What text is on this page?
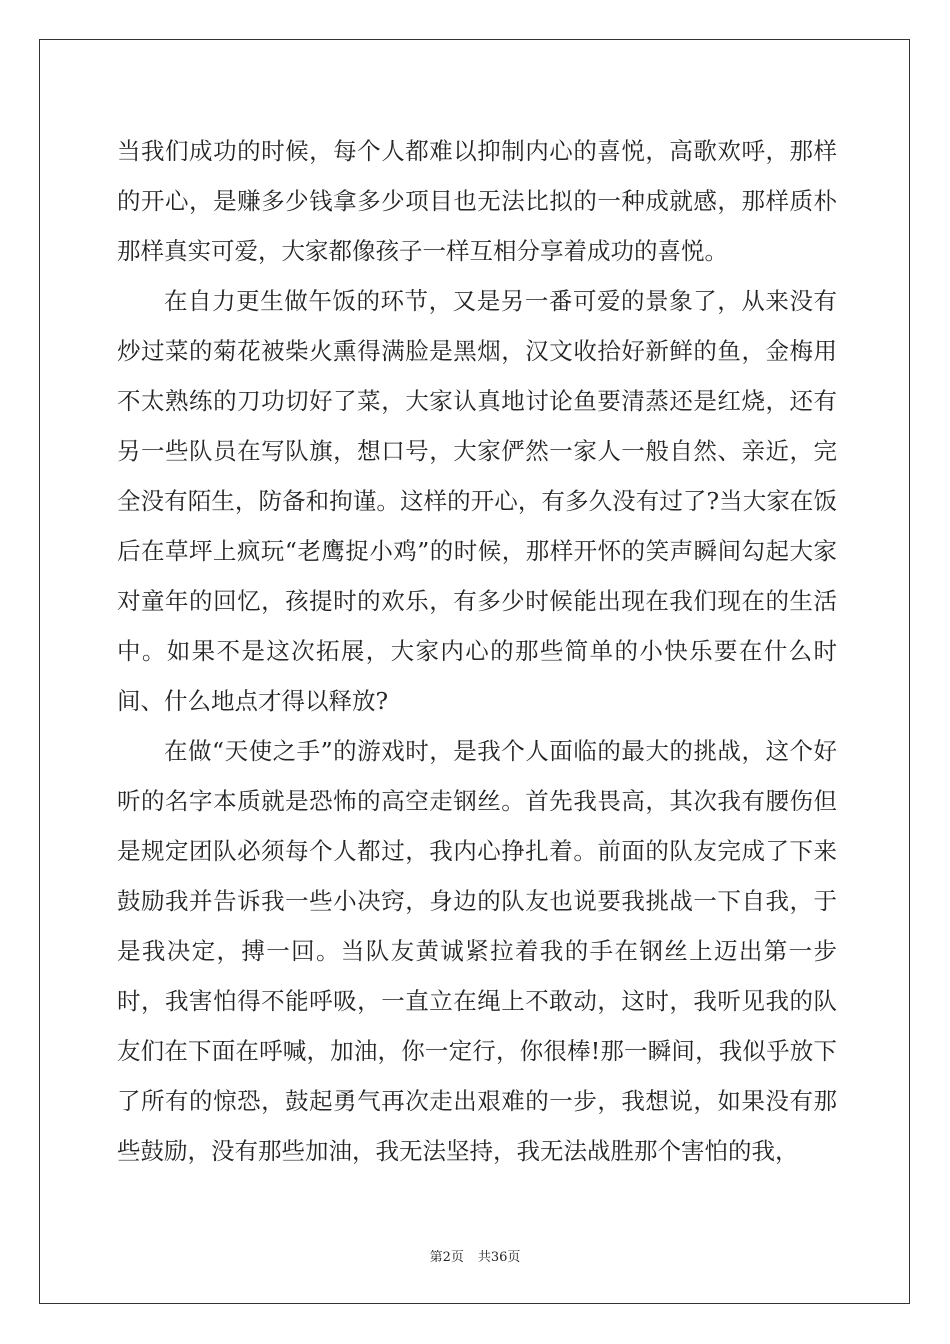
当我们成功的时候，每个人都难以抑制内心的喜悦，高歌欢呼，那样的开心，是赚多少钱拿多少项目也无法比拟的一种成就感，那样质朴那样真实可爱，大家都像孩子一样互相分享着成功的喜悦。

在自力更生做午饭的环节，又是另一番可爱的景象了，从来没有炒过菜的菊花被柴火熏得满脸是黑烟，汉文收拾好新鲜的鱼，金梅用不太熟练的刀功切好了菜，大家认真地讨论鱼要清蒸还是红烧，还有另一些队员在写队旗，想口号，大家俨然一家人一般自然、亲近，完全没有陌生，防备和拘谨。这样的开心，有多久没有过了?当大家在饭后在草坪上疯玩“老鹰捉小鸡”的时候，那样开怀的笑声瞬间勾起大家对童年的回忆，孩提时的欢乐，有多少时候能出现在我们现在的生活中。如果不是这次拓展，大家内心的那些简单的小快乐要在什么时间、什么地点才得以释放?

在做“天使之手”的游戏时，是我个人面临的最大的挑战，这个好听的名字本质就是恐怖的高空走钢丝。首先我畏高，其次我有腰伤但是规定团队必须每个人都过，我内心挣扎着。前面的队友完成了下来鼓励我并告诉我一些小决窍，身边的队友也说要我挑战一下自我，于是我决定，搏一回。当队友黄诚紧拉着我的手在钢丝上迈出第一步时，我害怕得不能呼吸，一直立在绳上不敢动，这时，我听见我的队友们在下面在呼喊，加油，你一定行，你很棒!那一瞬间，我似乎放下了所有的惊恐，鼓起勇气再次走出艰难的一步，我想说，如果没有那些鼓励，没有那些加油，我无法坚持，我无法战胜那个害怕的我，

第2页 共36页
